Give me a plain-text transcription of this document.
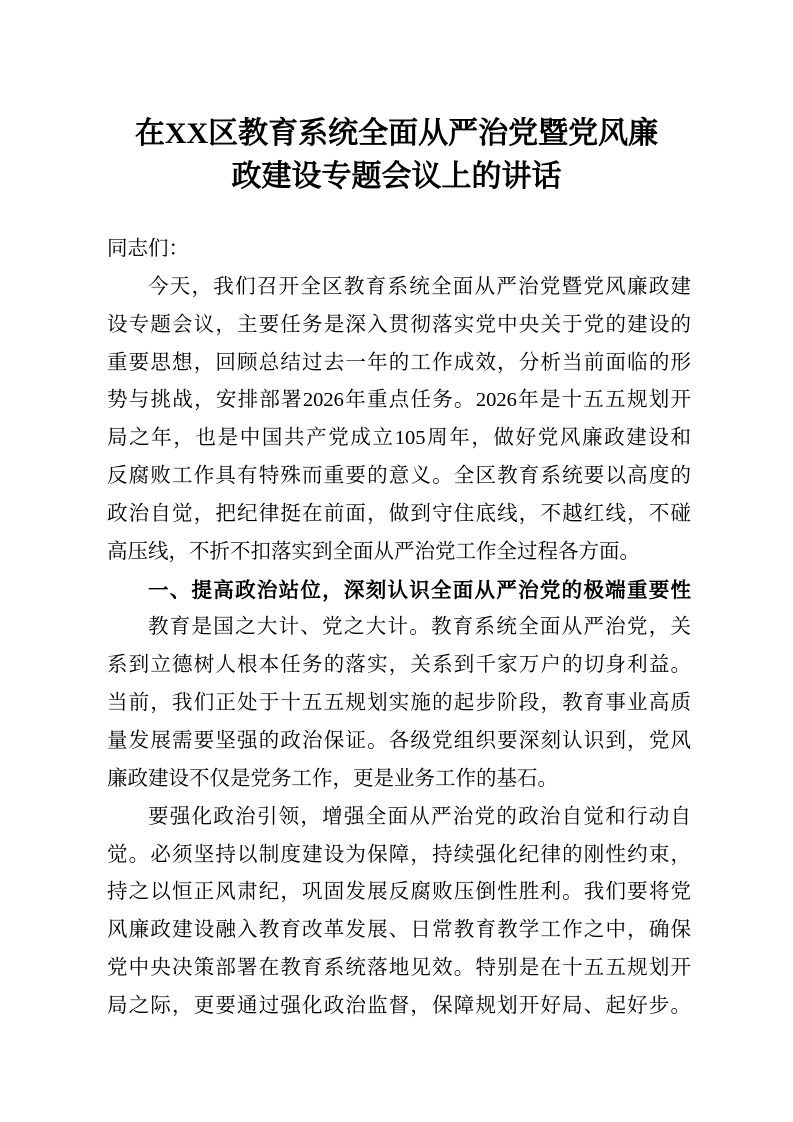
在XX区教育系统全面从严治党暨党风廉
政建设专题会议上的讲话
同志们：
今天，我们召开全区教育系统全面从严治党暨党风廉政建
设专题会议，主要任务是深入贯彻落实党中央关于党的建设的
重要思想，回顾总结过去一年的工作成效，分析当前面临的形
势与挑战，安排部署2026年重点任务。2026年是十五五规划开
局之年，也是中国共产党成立105周年，做好党风廉政建设和
反腐败工作具有特殊而重要的意义。全区教育系统要以高度的
政治自觉，把纪律挺在前面，做到守住底线，不越红线，不碰
高压线，不折不扣落实到全面从严治党工作全过程各方面。
一、提高政治站位，深刻认识全面从严治党的极端重要性
教育是国之大计、党之大计。教育系统全面从严治党，关
系到立德树人根本任务的落实，关系到千家万户的切身利益。
当前，我们正处于十五五规划实施的起步阶段，教育事业高质
量发展需要坚强的政治保证。各级党组织要深刻认识到，党风
廉政建设不仅是党务工作，更是业务工作的基石。
要强化政治引领，增强全面从严治党的政治自觉和行动自
觉。必须坚持以制度建设为保障，持续强化纪律的刚性约束，
持之以恒正风肃纪，巩固发展反腐败压倒性胜利。我们要将党
风廉政建设融入教育改革发展、日常教育教学工作之中，确保
党中央决策部署在教育系统落地见效。特别是在十五五规划开
局之际，更要通过强化政治监督，保障规划开好局、起好步。
